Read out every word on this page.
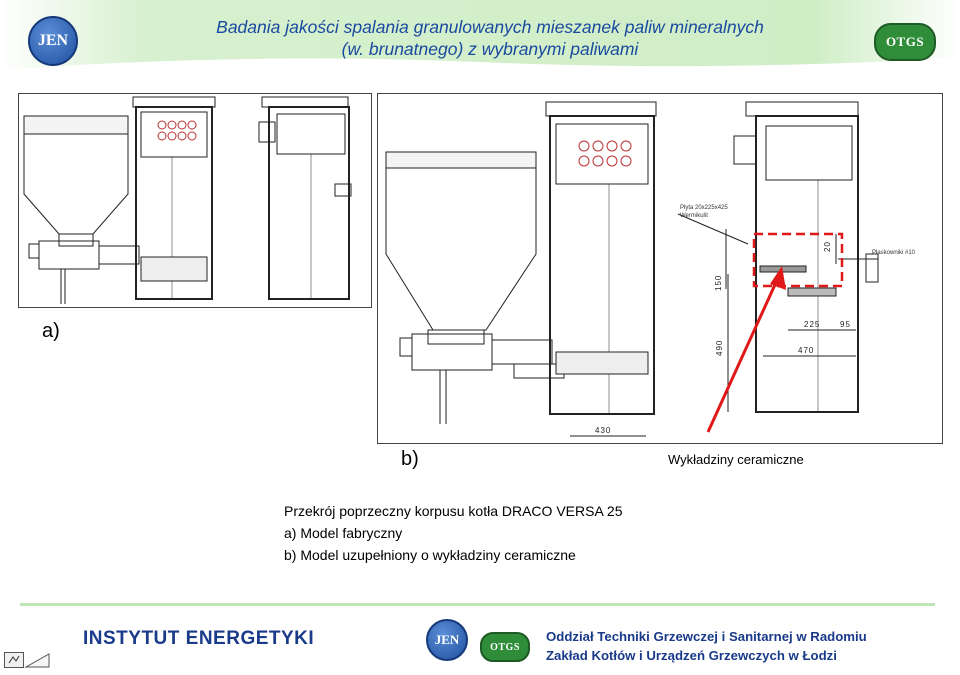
JEN	OTGS
Badania jakości spalania granulowanych mieszanek paliw mineralnych
(w. brunatnego) z wybranymi paliwami
a)
430
470
225 95
490
150
20
Płyta 20x225x425
Wermikulit
Płaskowniki #10
b)	Wykładziny ceramiczne
Przekrój poprzeczny korpusu kotła DRACO VERSA 25
a) Model fabryczny
b) Model uzupełniony o wykładziny ceramiczne
INSTYTUT ENERGETYKI	JEN	OTGS
Oddział Techniki Grzewczej i Sanitarnej w Radomiu
Zakład Kotłów i Urządzeń Grzewczych w Łodzi
